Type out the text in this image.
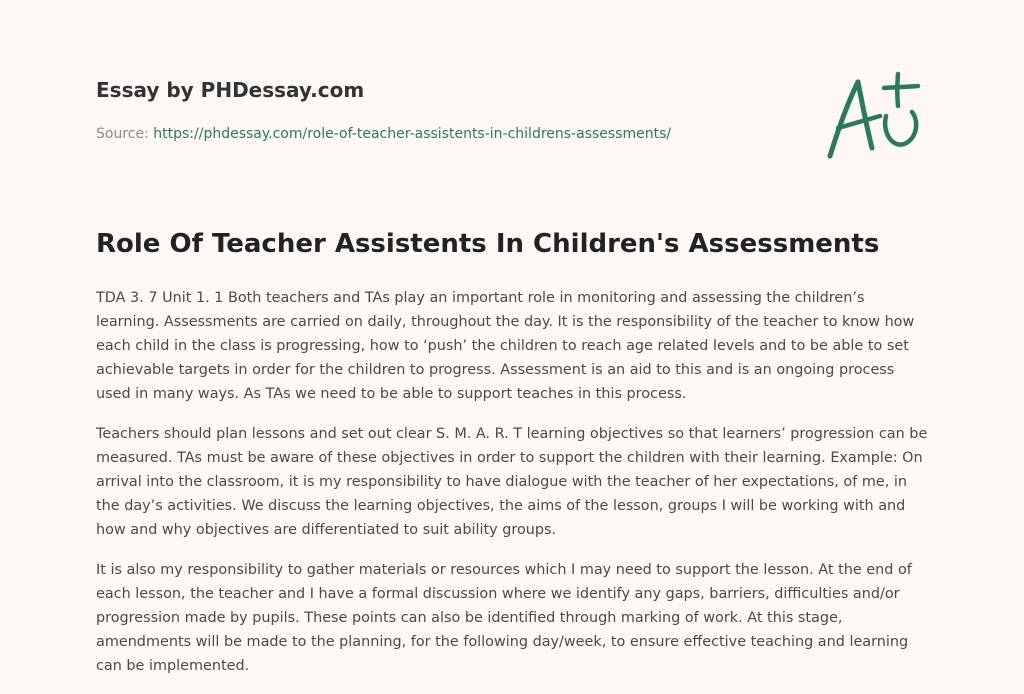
Essay by PHDessay.com
Source: https://phdessay.com/role-of-teacher-assistents-in-childrens-assessments/
Role Of Teacher Assistents In Children's Assessments

TDA 3. 7 Unit 1. 1 Both teachers and TAs play an important role in monitoring and assessing the children’s learning. Assessments are carried on daily, throughout the day. It is the responsibility of the teacher to know how each child in the class is progressing, how to ‘push’ the children to reach age related levels and to be able to set achievable targets in order for the children to progress. Assessment is an aid to this and is an ongoing process used in many ways. As TAs we need to be able to support teaches in this process.

Teachers should plan lessons and set out clear S. M. A. R. T learning objectives so that learners’ progression can be measured. TAs must be aware of these objectives in order to support the children with their learning. Example: On arrival into the classroom, it is my responsibility to have dialogue with the teacher of her expectations, of me, in the day’s activities. We discuss the learning objectives, the aims of the lesson, groups I will be working with and how and why objectives are differentiated to suit ability groups.

It is also my responsibility to gather materials or resources which I may need to support the lesson. At the end of each lesson, the teacher and I have a formal discussion where we identify any gaps, barriers, difficulties and/or progression made by pupils. These points can also be identified through marking of work. At this stage, amendments will be made to the planning, for the following day/week, to ensure effective teaching and learning can be implemented.
